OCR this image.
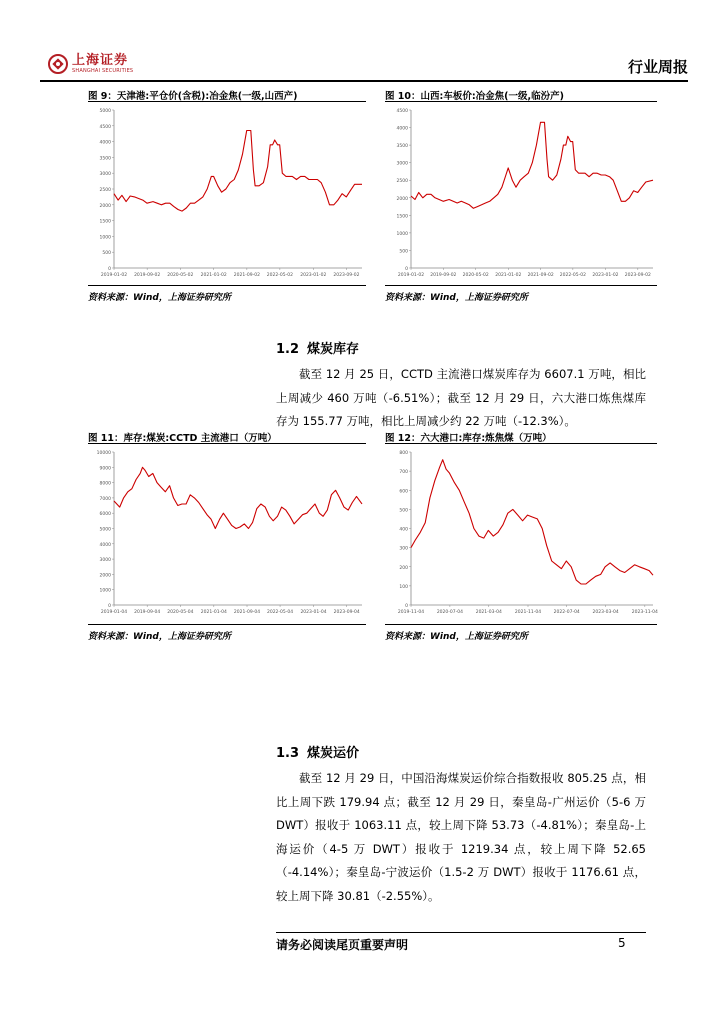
上海证券
SHANGHAI SECURITIES	行业周报
图 9：天津港:平仓价(含税):冶金焦(一级,山西产)
0
500
1000
1500
2000
2500
3000
3500
4000
4500
5000
2019-01-02 2019-09-02 2020-05-02 2021-01-02 2021-09-02 2022-05-02 2023-01-02 2023-09-02
资料来源：Wind，上海证券研究所
图 10：山西:车板价:冶金焦(一级,临汾产)
0
500
1000
1500
2000
2500
3000
3500
4000
4500
2019-01-02 2019-09-02 2020-05-02 2021-01-02 2021-09-02 2022-05-02 2023-01-02 2023-09-02
资料来源：Wind，上海证券研究所
1.2 煤炭库存

截至 12 月 25 日，CCTD 主流港口煤炭库存为 6607.1 万吨，相比上周减少 460 万吨（-6.51%）；截至 12 月 29 日，六大港口炼焦煤库存为 155.77 万吨，相比上周减少约 22 万吨（-12.3%）。

图 11：库存:煤炭:CCTD 主流港口（万吨）
0
1000
2000
3000
4000
5000
6000
7000
8000
9000
10000
2019-01-04 2019-09-04 2020-05-04 2021-01-04 2021-09-04 2022-05-04 2023-01-04 2023-09-04
资料来源：Wind，上海证券研究所
图 12：六大港口:库存:炼焦煤（万吨）
0
100
200
300
400
500
600
700
800
2019-11-04	2020-07-04	2021-03-04	2021-11-04	2022-07-04	2023-03-04	2023-11-04
资料来源：Wind，上海证券研究所
1.3 煤炭运价

截至 12 月 29 日，中国沿海煤炭运价综合指数报收 805.25 点，相比上周下跌 179.94 点；截至 12 月 29 日，秦皇岛-广州运价（5-6 万 DWT）报收于 1063.11 点，较上周下降 53.73（-4.81%）；秦皇岛-上海运价（4-5 万 DWT）报收于 1219.34 点，较上周下降 52.65（-4.14%）；秦皇岛-宁波运价（1.5-2 万 DWT）报收于 1176.61 点，较上周下降 30.81（-2.55%）。

请务必阅读尾页重要声明	5
